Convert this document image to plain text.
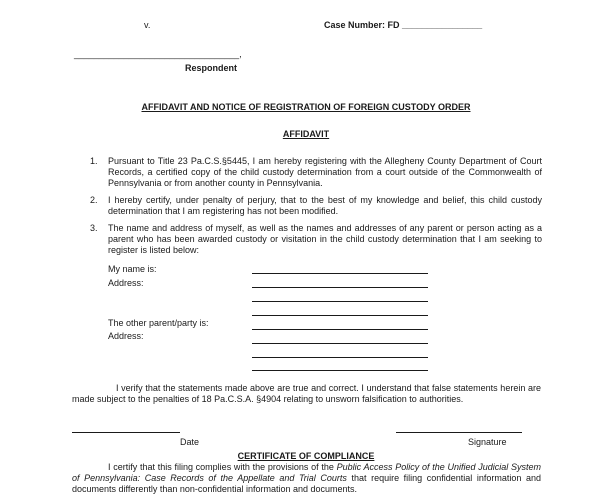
v.	Case Number: FD ________________
_________________________________,
Respondent
AFFIDAVIT AND NOTICE OF REGISTRATION OF FOREIGN CUSTODY ORDER
AFFIDAVIT
1. Pursuant to Title 23 Pa.C.S.§5445, I am hereby registering with the Allegheny County Department of Court Records, a certified copy of the child custody determination from a court outside of the Commonwealth of Pennsylvania or from another county in Pennsylvania.
2. I hereby certify, under penalty of perjury, that to the best of my knowledge and belief, this child custody determination that I am registering has not been modified.
3. The name and address of myself, as well as the names and addresses of any parent or person acting as a parent who has been awarded custody or visitation in the child custody determination that I am seeking to register is listed below:
My name is:
Address:
The other parent/party is:
Address:
I verify that the statements made above are true and correct. I understand that false statements herein are made subject to the penalties of 18 Pa.C.S.A. §4904 relating to unsworn falsification to authorities.
Date	Signature
CERTIFICATE OF COMPLIANCE
I certify that this filing complies with the provisions of the Public Access Policy of the Unified Judicial System of Pennsylvania: Case Records of the Appellate and Trial Courts that require filing confidential information and documents differently than non-confidential information and documents.
